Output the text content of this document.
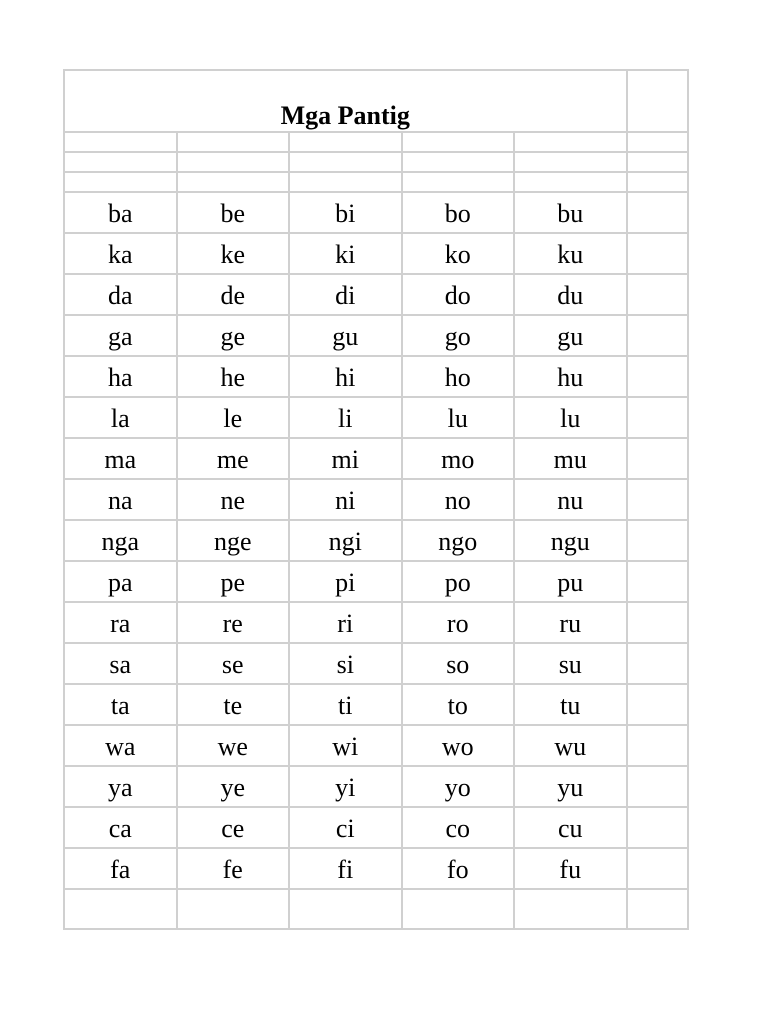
Mga Pantig					

ba	be	bi	bo	bu	
ka	ke	ki	ko	ku	
da	de	di	do	du	
ga	ge	gu	go	gu	
ha	he	hi	ho	hu	
la	le	li	lu	lu	
ma	me	mi	mo	mu	
na	ne	ni	no	nu	
nga	nge	ngi	ngo	ngu	
pa	pe	pi	po	pu	
ra	re	ri	ro	ru	
sa	se	si	so	su	
ta	te	ti	to	tu	
wa	we	wi	wo	wu	
ya	ye	yi	yo	yu	
ca	ce	ci	co	cu	
fa	fe	fi	fo	fu	
